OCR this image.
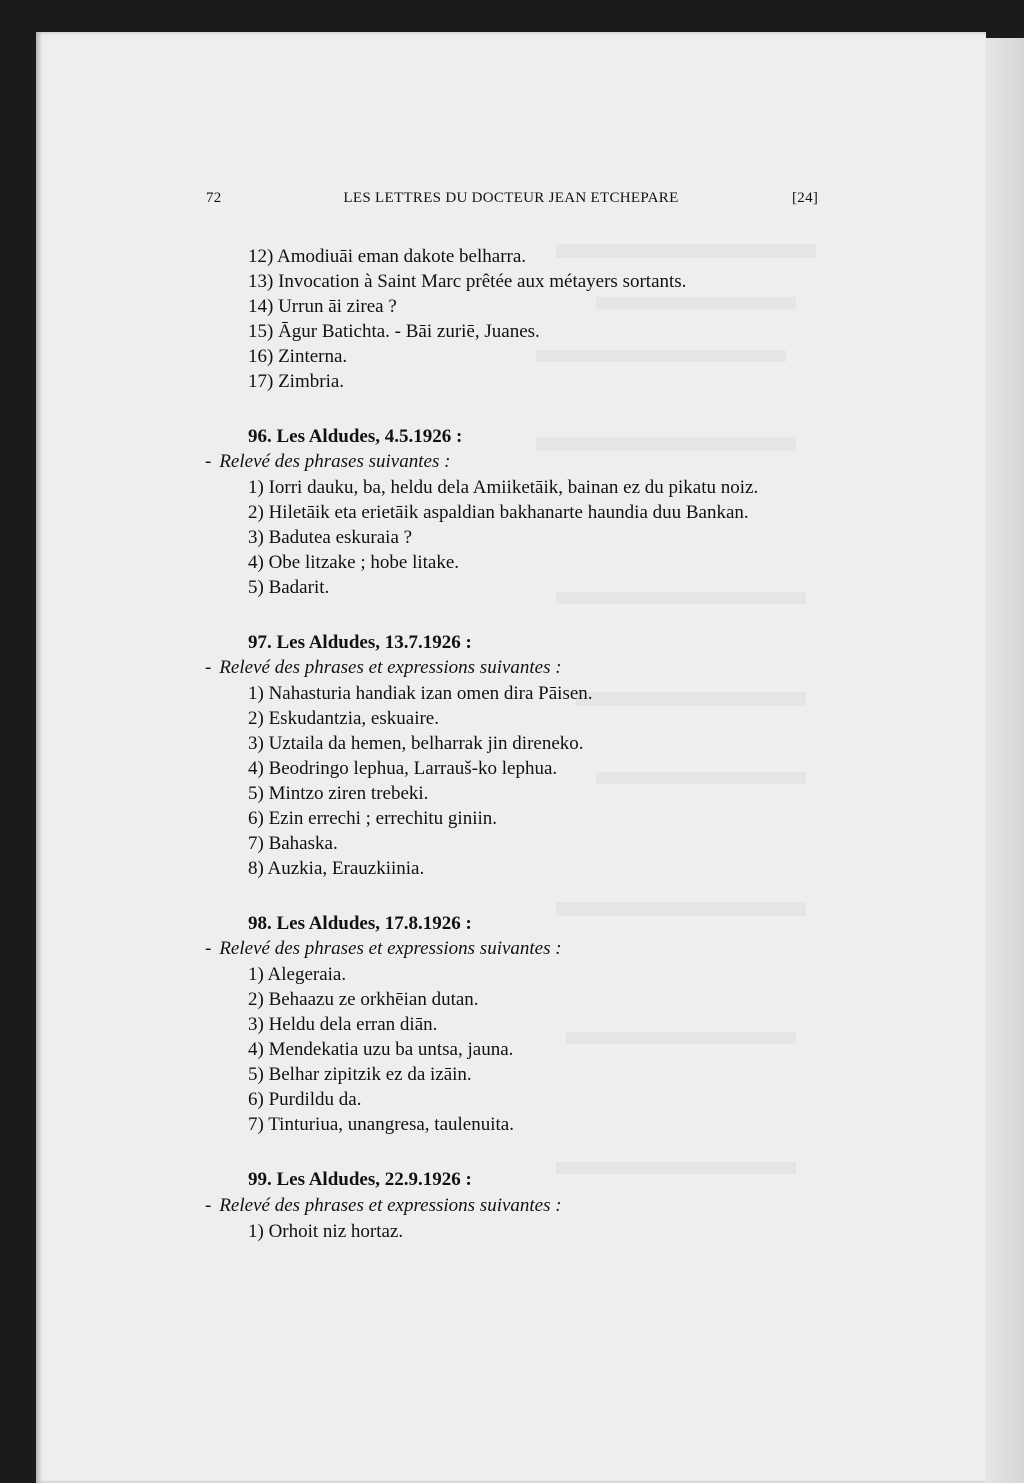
72	LES LETTRES DU DOCTEUR JEAN ETCHEPARE	[24]
12) Amodiuāi eman dakote belharra.
13) Invocation à Saint Marc prêtée aux métayers sortants.
14) Urrun āi zirea ?
15) Āgur Batichta. - Bāi zuriē, Juanes.
16) Zinterna.
17) Zimbria.
96. Les Aldudes, 4.5.1926 :
- Relevé des phrases suivantes :
1) Iorri dauku, ba, heldu dela Amiiketāik, bainan ez du pikatu noiz.
2) Hiletāik eta erietāik aspaldian bakhanarte haundia duu Bankan.
3) Badutea eskuraia ?
4) Obe litzake ; hobe litake.
5) Badarit.
97. Les Aldudes, 13.7.1926 :
- Relevé des phrases et expressions suivantes :
1) Nahasturia handiak izan omen dira Pāisen.
2) Eskudantzia, eskuaire.
3) Uztaila da hemen, belharrak jin direneko.
4) Beodringo lephua, Larrauš-ko lephua.
5) Mintzo ziren trebeki.
6) Ezin errechi ; errechitu giniin.
7) Bahaska.
8) Auzkia, Erauzkiinia.
98. Les Aldudes, 17.8.1926 :
- Relevé des phrases et expressions suivantes :
1) Alegeraia.
2) Behaazu ze orkhēian dutan.
3) Heldu dela erran diān.
4) Mendekatia uzu ba untsa, jauna.
5) Belhar zipitzik ez da izāin.
6) Purdildu da.
7) Tinturiua, unangresa, taulenuita.
99. Les Aldudes, 22.9.1926 :
- Relevé des phrases et expressions suivantes :
1) Orhoit niz hortaz.
